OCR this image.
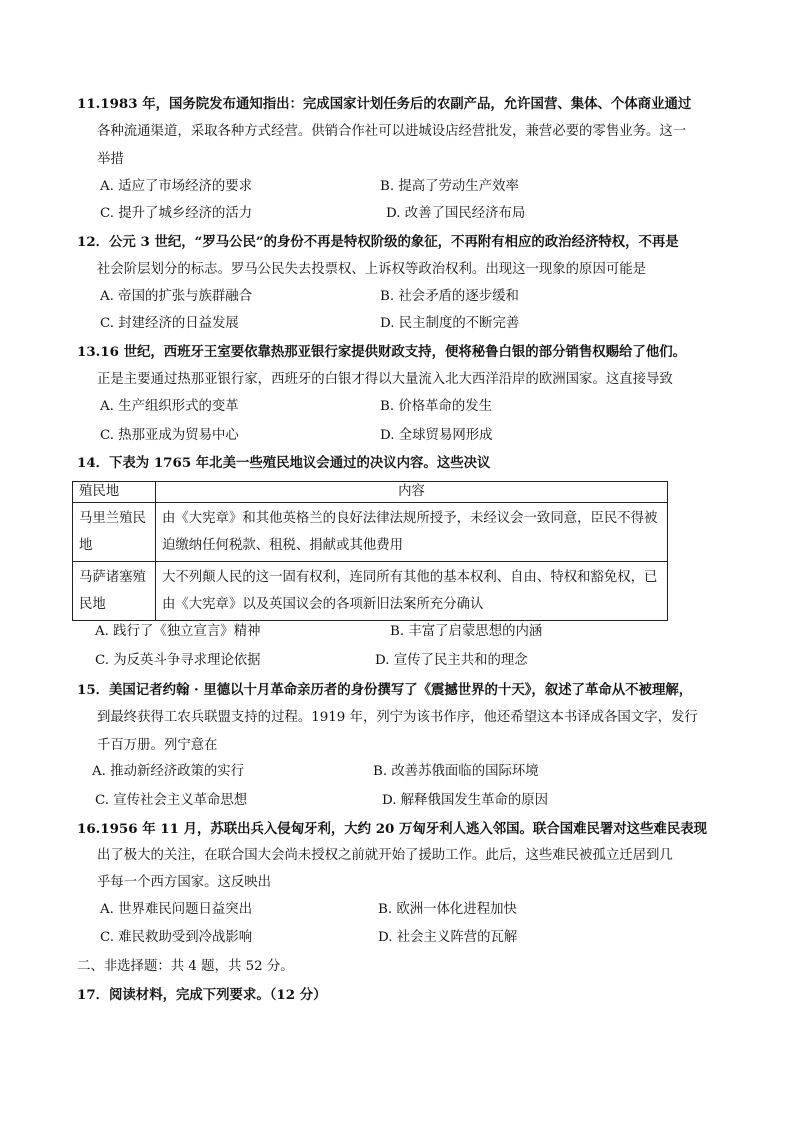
11.1983 年，国务院发布通知指出：完成国家计划任务后的农副产品，允许国营、集体、个体商业通过
各种流通渠道，采取各种方式经营。供销合作社可以进城设店经营批发，兼营必要的零售业务。这一
举措
A. 适应了市场经济的要求	B. 提高了劳动生产效率
C. 提升了城乡经济的活力	D. 改善了国民经济布局
12．公元 3 世纪，“罗马公民”的身份不再是特权阶级的象征，不再附有相应的政治经济特权，不再是
社会阶层划分的标志。罗马公民失去投票权、上诉权等政治权利。出现这一现象的原因可能是
A. 帝国的扩张与族群融合	B. 社会矛盾的逐步缓和
C. 封建经济的日益发展	D. 民主制度的不断完善
13.16 世纪，西班牙王室要依靠热那亚银行家提供财政支持，便将秘鲁白银的部分销售权赐给了他们。
正是主要通过热那亚银行家，西班牙的白银才得以大量流入北大西洋沿岸的欧洲国家。这直接导致
A. 生产组织形式的变革	B. 价格革命的发生
C. 热那亚成为贸易中心	D. 全球贸易网形成
14．下表为 1765 年北美一些殖民地议会通过的决议内容。这些决议
殖民地	内容
马里兰殖民地	由《大宪章》和其他英格兰的良好法律法规所授予，未经议会一致同意，臣民不得被迫缴纳任何税款、租税、捐献或其他费用
马萨诸塞殖民地	大不列颠人民的这一固有权利，连同所有其他的基本权利、自由、特权和豁免权，已由《大宪章》以及英国议会的各项新旧法案所充分确认
A. 践行了《独立宣言》精神	B. 丰富了启蒙思想的内涵
C. 为反英斗争寻求理论依据	D. 宣传了民主共和的理念
15．美国记者约翰 · 里德以十月革命亲历者的身份撰写了《震撼世界的十天》，叙述了革命从不被理解，
到最终获得工农兵联盟支持的过程。1919 年，列宁为该书作序，他还希望这本书译成各国文字，发行
千百万册。列宁意在
A. 推动新经济政策的实行	B. 改善苏俄面临的国际环境
C. 宣传社会主义革命思想	D. 解释俄国发生革命的原因
16.1956 年 11 月，苏联出兵入侵匈牙利，大约 20 万匈牙利人逃入邻国。联合国难民署对这些难民表现
出了极大的关注，在联合国大会尚未授权之前就开始了援助工作。此后，这些难民被孤立迁居到几
乎每一个西方国家。这反映出
A. 世界难民问题日益突出	B. 欧洲一体化进程加快
C. 难民救助受到冷战影响	D. 社会主义阵营的瓦解
二、非选择题：共 4 题，共 52 分。
17．阅读材料，完成下列要求。（12 分）
